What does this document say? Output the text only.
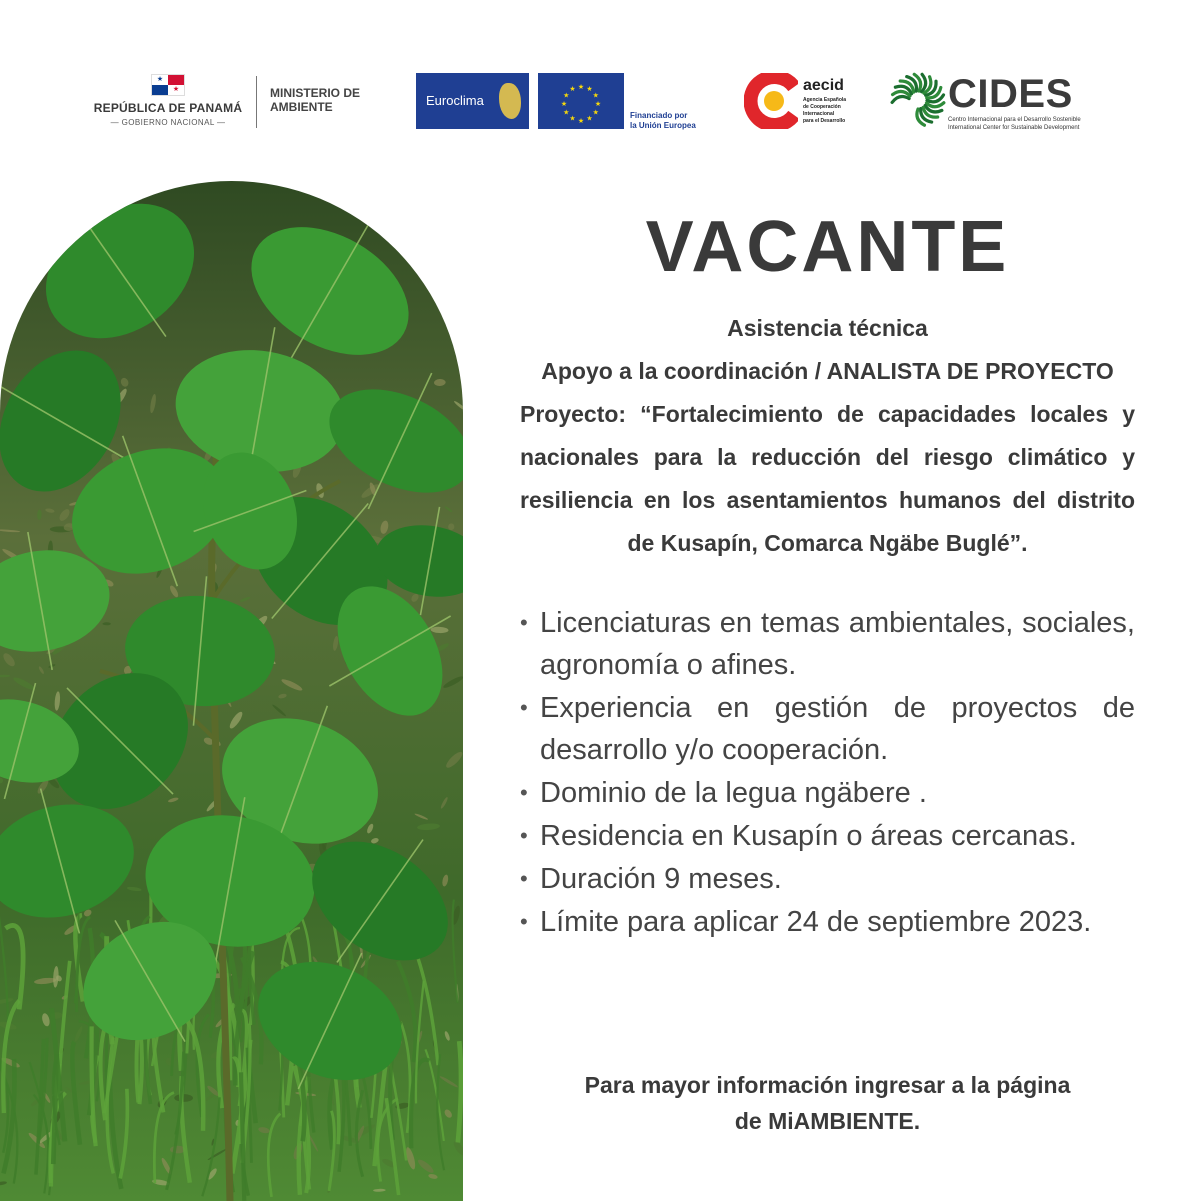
★
★
REPÚBLICA DE PANAMÁ
— GOBIERNO NACIONAL —
MINISTERIO DE
AMBIENTE	Euroclima
★ ★
★
★
★
★
★
★
★
★
★
★
Financiado por
la Unión Europea
aecid
Agencia Española
de Cooperación
Internacional
para el Desarrollo
CIDES
Centro Internacional para el Desarrollo Sostenible
International Center for Sustainable Development
VACANTE
Asistencia técnica
Apoyo a la coordinación / ANALISTA DE PROYECTO
Proyecto: “Fortalecimiento de capacidades locales y nacionales para la reducción del riesgo climático y resiliencia en los asentamientos humanos del distrito de Kusapín, Comarca Ngäbe Buglé”.
• Licenciaturas en temas ambientales, sociales, agronomía o afines.
• Experiencia en gestión de proyectos de desarrollo y/o cooperación.
• Dominio de la legua ngäbere .
• Residencia en Kusapín o áreas cercanas.
• Duración 9 meses.
• Límite para aplicar 24 de septiembre 2023.
Para mayor información ingresar a la página
de MiAMBIENTE.
